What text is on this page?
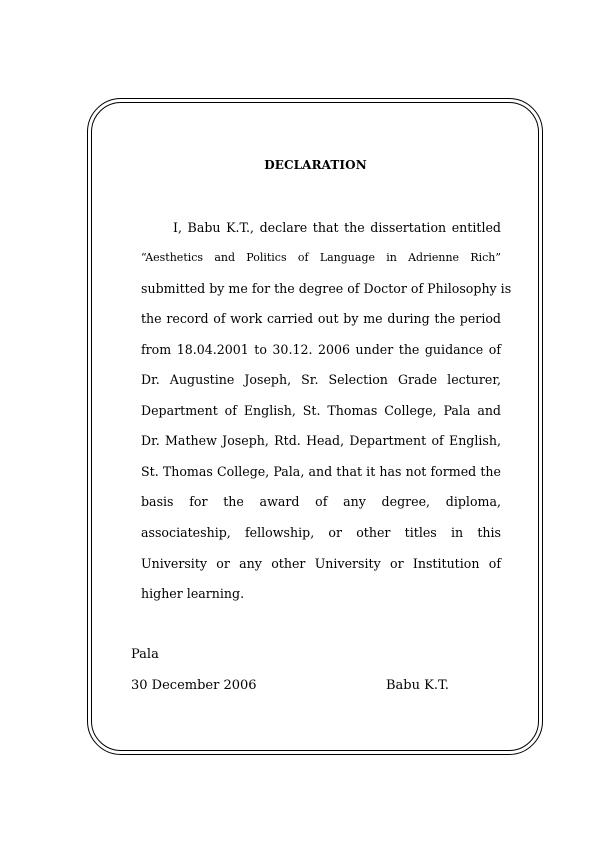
DECLARATION
I, Babu K.T., declare that the dissertation entitled
“Aesthetics and Politics of Language in Adrienne Rich”
submitted by me for the degree of Doctor of Philosophy is
the record of work carried out by me during the period
from 18.04.2001 to 30.12. 2006 under the guidance of
Dr. Augustine Joseph, Sr. Selection Grade lecturer,
Department of English, St. Thomas College, Pala and
Dr. Mathew Joseph, Rtd. Head, Department of English,
St. Thomas College, Pala, and that it has not formed the
basis for the award of any degree, diploma,
associateship, fellowship, or other titles in this
University or any other University or Institution of
higher learning.
Pala
30 December 2006	Babu K.T.
